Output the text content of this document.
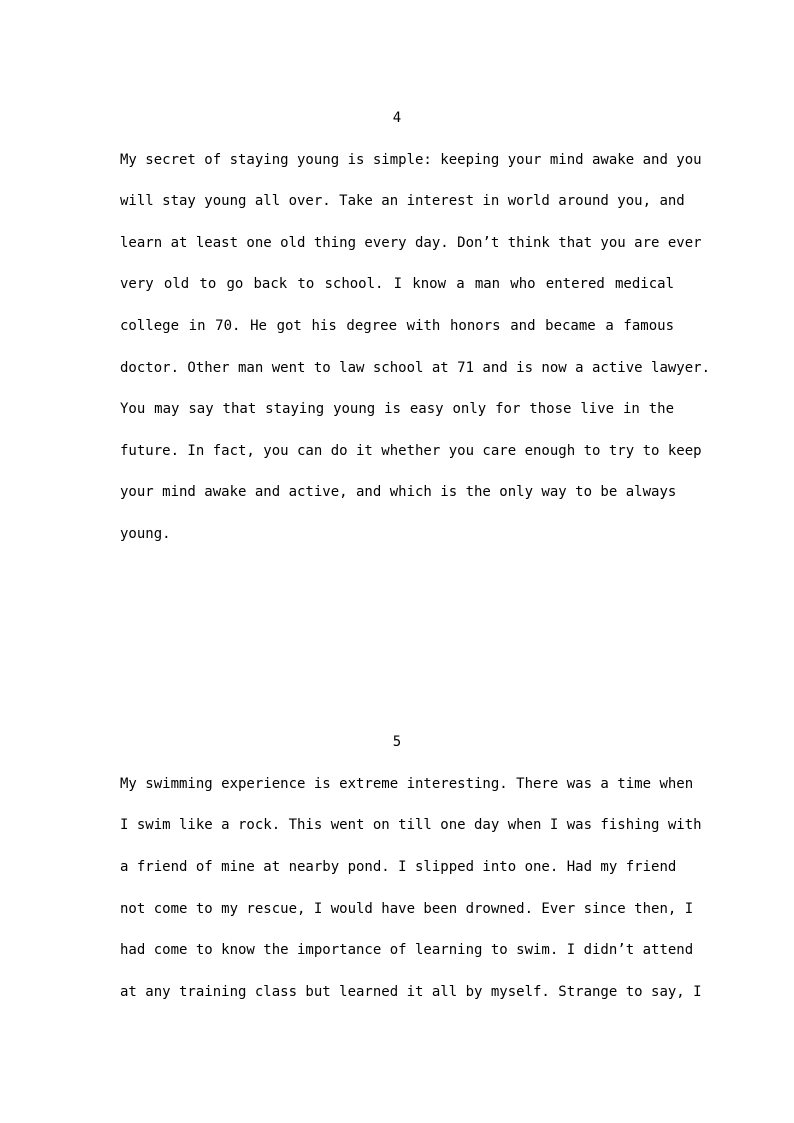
4

My secret of staying young is simple: keeping your mind awake and you

will stay young all over. Take an interest in world around you, and

learn at least one old thing every day. Don’t think that you are ever

very old to go back to school. I know a man who entered medical

college in 70. He got his degree with honors and became a famous

doctor. Other man went to law school at 71 and is now a active lawyer.

You may say that staying young is easy only for those live in the

future. In fact, you can do it whether you care enough to try to keep

your mind awake and active, and which is the only way to be always

young.

5

My swimming experience is extreme interesting. There was a time when

I swim like a rock. This went on till one day when I was fishing with

a friend of mine at nearby pond. I slipped into one. Had my friend

not come to my rescue, I would have been drowned. Ever since then, I

had come to know the importance of learning to swim. I didn’t attend

at any training class but learned it all by myself. Strange to say, I
